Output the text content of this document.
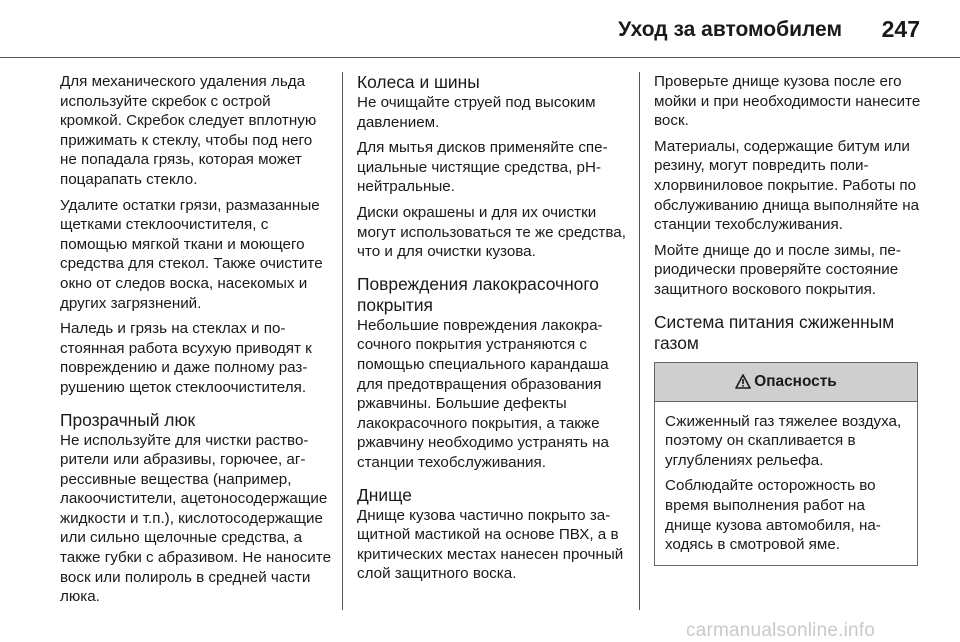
Уход за автомобилем 247

Для механического удаления льда используйте скребок с острой кромкой. Скребок следует вплотную прижимать к стеклу, чтобы под него не попадала грязь, которая может поцарапать стекло.

Удалите остатки грязи, размазанные щетками стеклоочистителя, с помощью мягкой ткани и моющего средства для стекол. Также очистите окно от следов воска, насекомых и других загрязнений.

Наледь и грязь на стеклах и постоянная работа всухую приводят к повреждению и даже полному разрушению щеток стеклоочистителя.

Прозрачный люк

Не используйте для чистки растворители или абразивы, горючее, агрессивные вещества (например, лакоочистители, ацетоносодержащие жидкости и т.п.), кислотосодержащие или сильно щелочные средства, а также губки с абразивом. Не наносите воск или полироль в средней части люка.

Колеса и шины

Не очищайте струей под высоким давлением.

Для мытья дисков применяйте специальные чистящие средства, pH-нейтральные.

Диски окрашены и для их очистки могут использоваться те же средства, что и для очистки кузова.

Повреждения лакокрасочного покрытия

Небольшие повреждения лакокрасочного покрытия устраняются с помощью специального карандаша для предотвращения образования ржавчины. Большие дефекты лакокрасочного покрытия, а также ржавчину необходимо устранять на станции техобслуживания.

Днище

Днище кузова частично покрыто защитной мастикой на основе ПВХ, а в критических местах нанесен прочный слой защитного воска.

Проверьте днище кузова после его мойки и при необходимости нанесите воск.

Материалы, содержащие битум или резину, могут повредить полихлорвиниловое покрытие. Работы по обслуживанию днища выполняйте на станции техобслуживания.

Мойте днище до и после зимы, периодически проверяйте состояние защитного воскового покрытия.

Система питания сжиженным газом
Опасность

Сжиженный газ тяжелее воздуха, поэтому он скапливается в углублениях рельефа.

Соблюдайте осторожность во время выполнения работ на днище кузова автомобиля, находясь в смотровой яме.

carmanualsonline.info
